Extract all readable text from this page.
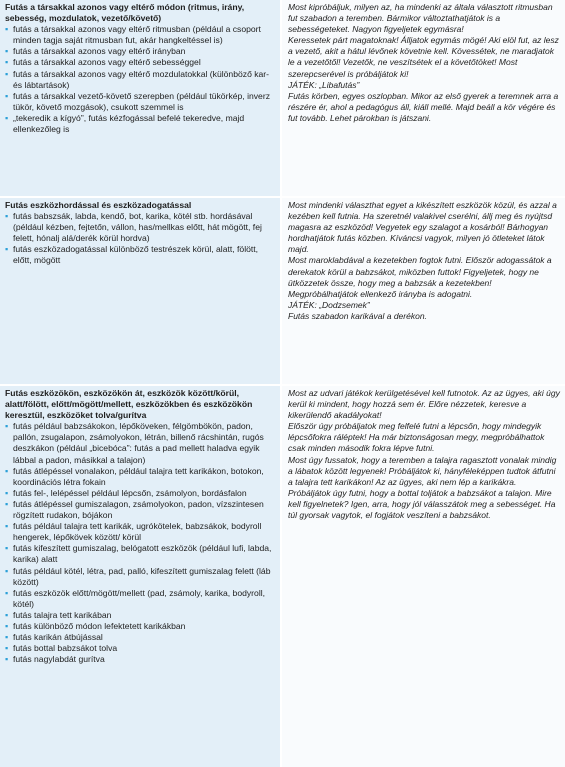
Futás a társakkal azonos vagy eltérő módon (ritmus, irány, sebesség, mozdulatok, vezető/követő)

▪ futás a társakkal azonos vagy eltérő ritmusban (például a csoport minden tagja saját ritmusban fut, akár hangkeltéssel is)
▪ futás a társakkal azonos vagy eltérő irányban
▪ futás a társakkal azonos vagy eltérő sebességgel
▪ futás a társakkal azonos vagy eltérő mozdulatokkal (különböző kar- és lábtartások)
▪ futás a társakkal vezető-követő szerepben (például tükörkép, inverz tükör, követő mozgások), csukott szemmel is
▪ „tekeredik a kígyó”, futás kézfogással befelé tekeredve, majd ellenkezőleg is

Most kipróbáljuk, milyen az, ha mindenki az általa választott ritmusban fut szabadon a teremben. Bármikor változtathatjátok is a sebességeteket. Nagyon figyeljetek egymásra!

Keressetek párt magatoknak! Álljatok egymás mögé! Aki elöl fut, az lesz a vezető, akit a hátul lévőnek követnie kell. Kövessétek, ne maradjatok le a vezetőtől! Vezetők, ne veszítsétek el a követőtöket! Most szerepcserével is próbáljátok ki!

JÁTÉK: „Libafutás”

Futás körben, egyes oszlopban. Mikor az első gyerek a teremnek arra a részére ér, ahol a pedagógus áll, kiáll mellé. Majd beáll a kör végére és fut tovább. Lehet párokban is játszani.

Futás eszközhordással és eszközadogatással

▪ futás babszsák, labda, kendő, bot, karika, kötél stb. hordásával (például kézben, fejtetőn, vállon, has/mellkas előtt, hát mögött, fej felett, hónalj alá/derék körül hordva)
▪ futás eszközadogatással különböző testrészek körül, alatt, fölött, előtt, mögött

Most mindenki választhat egyet a kikészített eszközök közül, és azzal a kezében kell futnia. Ha szeretnél valakivel cserélni, állj meg és nyújtsd magasra az eszközöd! Vegyetek egy szalagot a kosárból! Bárhogyan hordhatjátok futás közben. Kíváncsi vagyok, milyen jó ötleteket látok majd.

Most maroklabdával a kezetekben fogtok futni. Először adogassátok a derekatok körül a babzsákot, miközben futtok! Figyeljetek, hogy ne ütközzetek össze, hogy meg a babzsák a kezetekben! Megpróbálhatjátok ellenkező irányba is adogatni.

JÁTÉK: „Dodzsemek”

Futás szabadon karikával a derékon.

Futás eszközökön, eszközökön át, eszközök között/körül, alatt/fölött, előtt/mögött/mellett, eszközökben és eszközökön keresztül, eszközöket tolva/gurítva

▪ futás például babzsákokon, lépőköveken, félgömbökön, padon, pallón, zsugalapon, zsámolyokon, létrán, billenő rácshintán, rugós deszkákon (például „bicebóca”: futás a pad mellett haladva egyik lábbal a padon, másikkal a talajon)
▪ futás átlépéssel vonalakon, például talajra tett karikákon, botokon, koordinációs létra fokain
▪ futás fel-, lelépéssel például lépcsőn, zsámolyon, bordásfalon
▪ futás átlépéssel gumiszalagon, zsámolyokon, padon, vízszintesen rögzített rudakon, bójákon
▪ futás például talajra tett karikák, ugrókötelek, babzsákok, bodyroll hengerek, lépőkövek között/ körül
▪ futás kifeszített gumiszalag, belógatott eszközök (például lufi, labda, karika) alatt
▪ futás például kötél, létra, pad, palló, kifeszített gumiszalag felett (láb között)
▪ futás eszközök előtt/mögött/mellett (pad, zsámoly, karika, bodyroll, kötél)
▪ futás talajra tett karikában
▪ futás különböző módon lefektetett karikákban
▪ futás karikán átbújással
▪ futás bottal babzsákot tolva
▪ futás nagylabdát gurítva

Most az udvari játékok kerülgetésével kell futnotok. Az az ügyes, aki úgy kerül ki mindent, hogy hozzá sem ér. Előre nézzetek, keresve a kikerülendő akadályokat!

Először úgy próbáljatok meg felfelé futni a lépcsőn, hogy mindegyik lépcsőfokra ráléptek! Ha már biztonságosan megy, megpróbálhattok csak minden második fokra lépve futni.

Most úgy fussatok, hogy a teremben a talajra ragasztott vonalak mindig a lábatok között legyenek! Próbáljátok ki, hányféleképpen tudtok átfutni a talajra tett karikákon! Az az ügyes, aki nem lép a karikákra. Próbáljátok úgy futni, hogy a bottal toljátok a babzsákot a talajon. Mire kell figyelnetek? Igen, arra, hogy jól válasszátok meg a sebességet. Ha túl gyorsak vagytok, el fogjátok veszíteni a babzsákot.
